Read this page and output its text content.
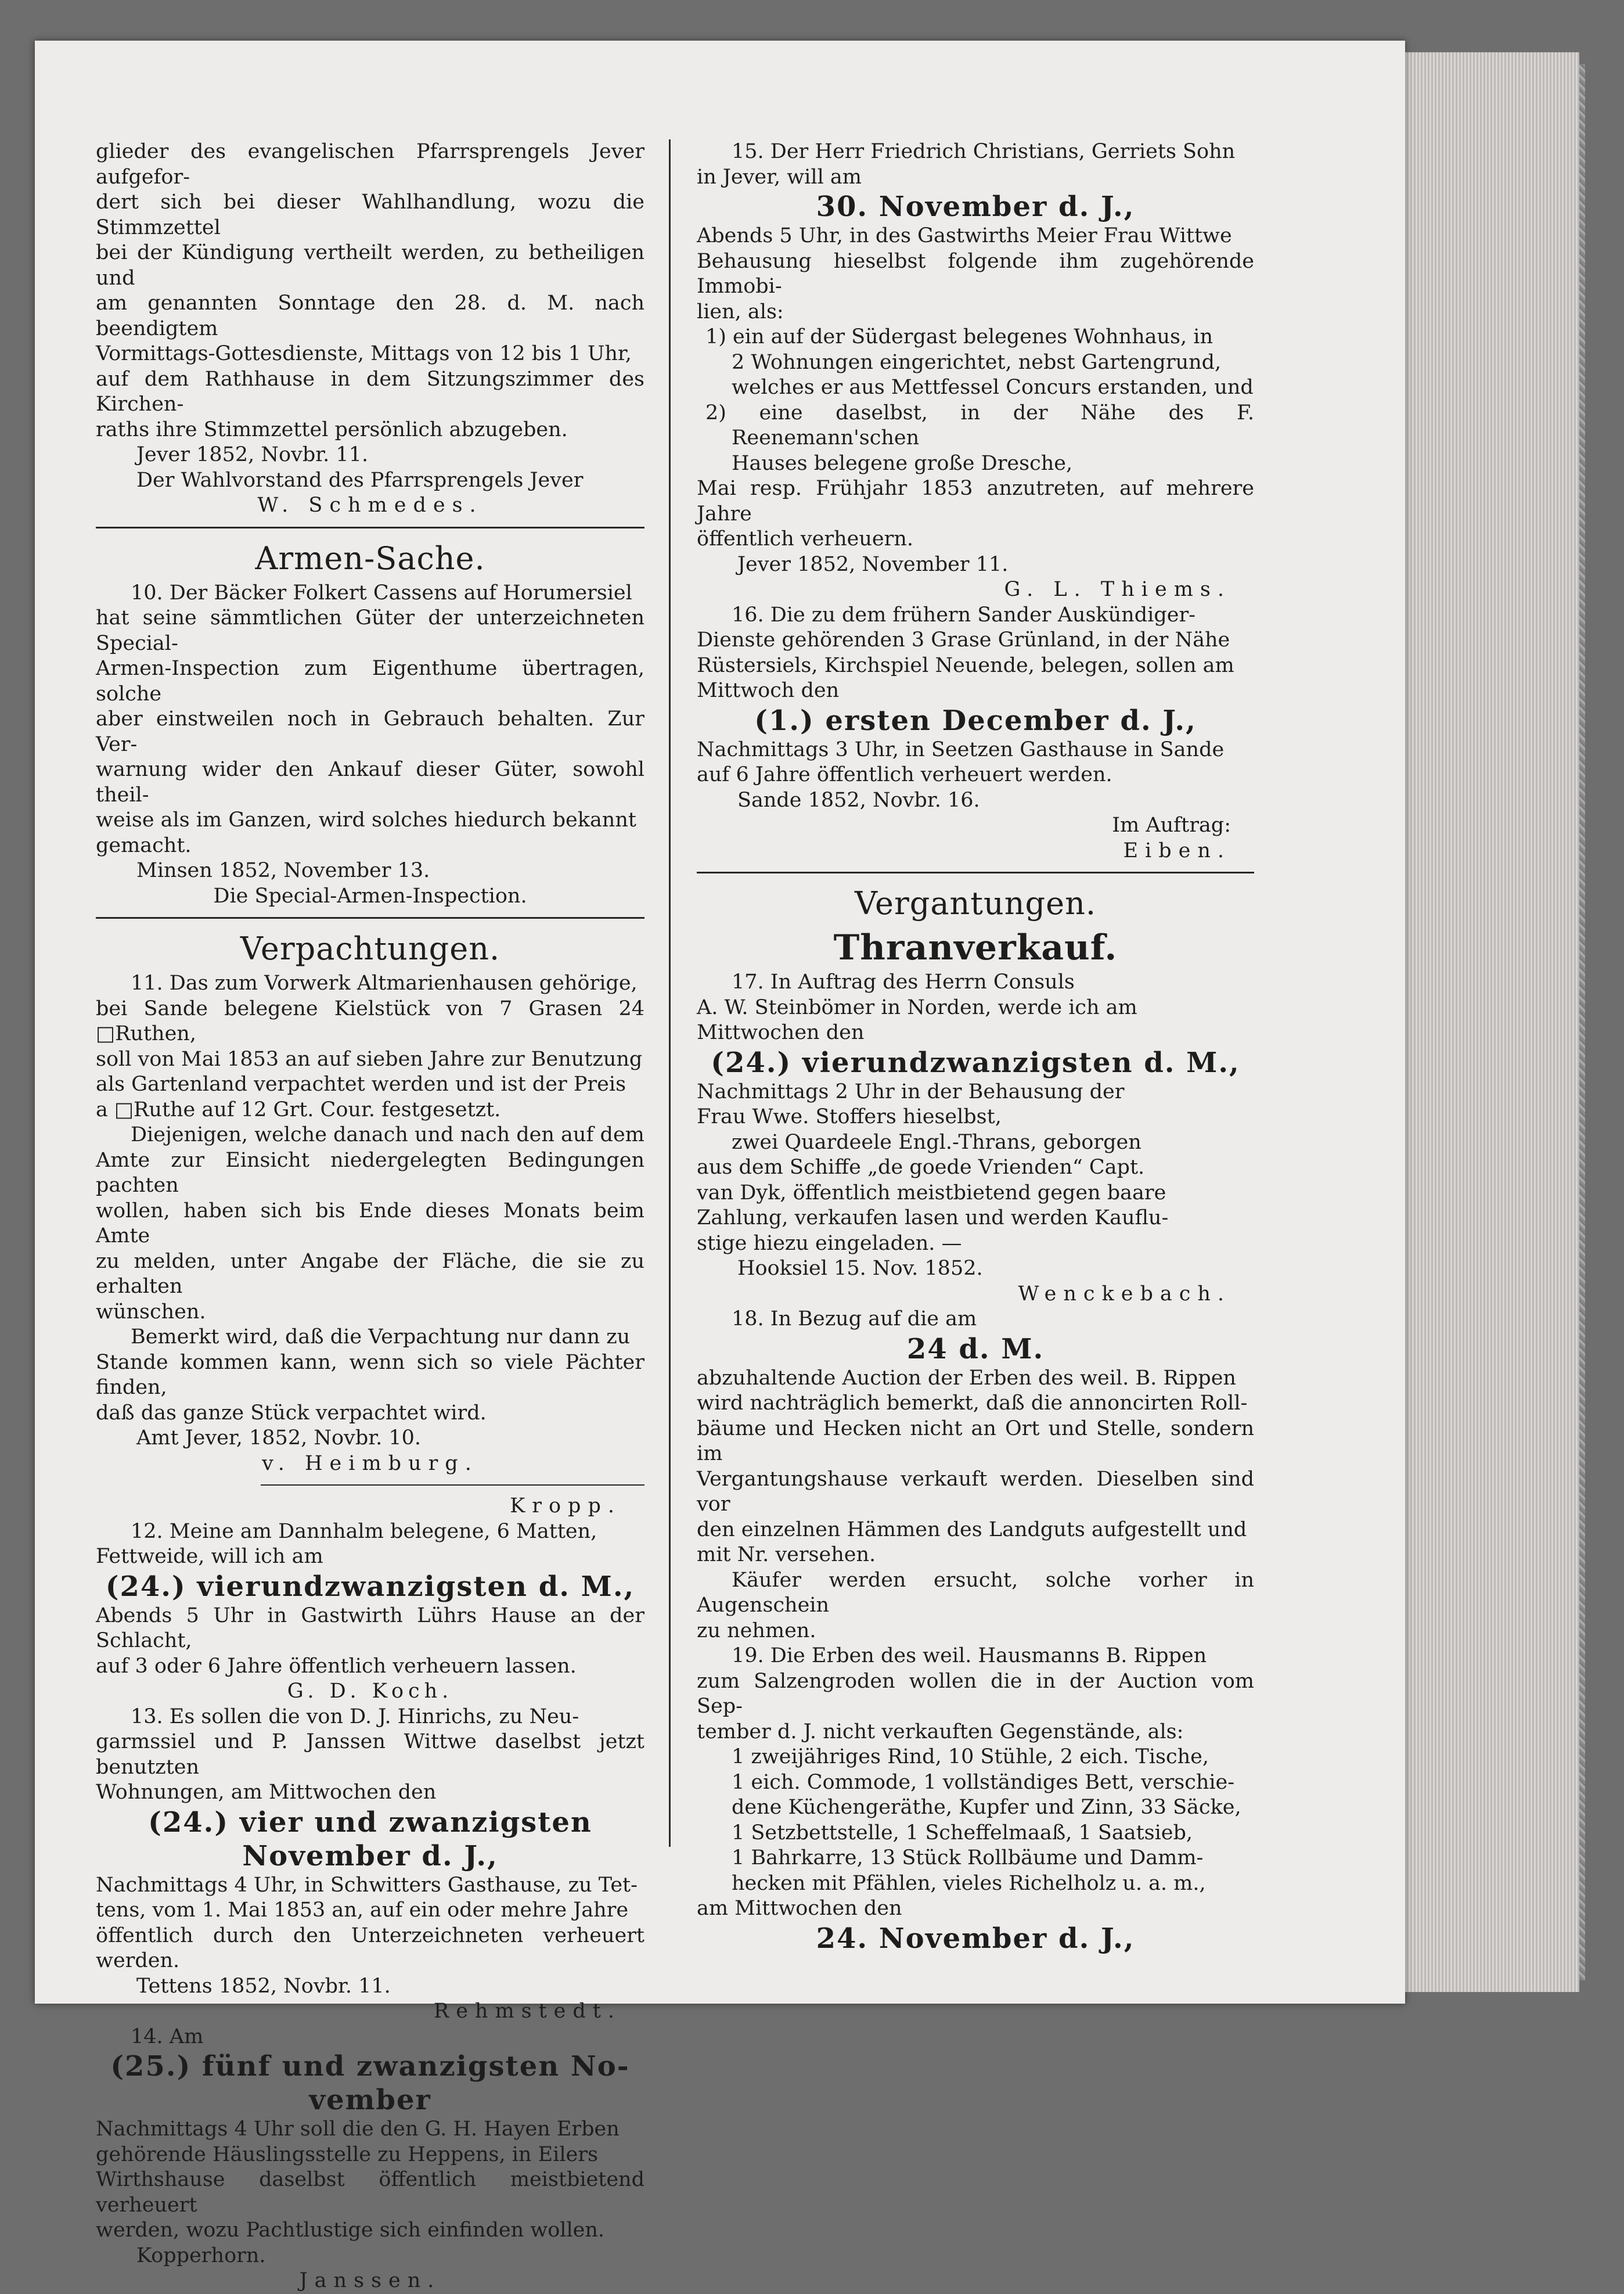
glieder des evangelischen Pfarrsprengels Jever aufgefor-

dert sich bei dieser Wahlhandlung, wozu die Stimmzettel

bei der Kündigung vertheilt werden, zu betheiligen und

am genannten Sonntage den 28. d. M. nach beendigtem

Vormittags-Gottesdienste, Mittags von 12 bis 1 Uhr,

auf dem Rathhause in dem Sitzungszimmer des Kirchen-

raths ihre Stimmzettel persönlich abzugeben.

Jever 1852, Novbr. 11.

Der Wahlvorstand des Pfarrsprengels Jever

W. Schmedes.

Armen-Sache.

10. Der Bäcker Folkert Cassens auf Horumersiel

hat seine sämmtlichen Güter der unterzeichneten Special-

Armen-Inspection zum Eigenthume übertragen, solche

aber einstweilen noch in Gebrauch behalten. Zur Ver-

warnung wider den Ankauf dieser Güter, sowohl theil-

weise als im Ganzen, wird solches hiedurch bekannt

gemacht.

Minsen 1852, November 13.

Die Special-Armen-Inspection.

Verpachtungen.

11. Das zum Vorwerk Altmarienhausen gehörige,

bei Sande belegene Kielstück von 7 Grasen 24 □Ruthen,

soll von Mai 1853 an auf sieben Jahre zur Benutzung

als Gartenland verpachtet werden und ist der Preis

a □Ruthe auf 12 Grt. Cour. festgesetzt.

Diejenigen, welche danach und nach den auf dem

Amte zur Einsicht niedergelegten Bedingungen pachten

wollen, haben sich bis Ende dieses Monats beim Amte

zu melden, unter Angabe der Fläche, die sie zu erhalten

wünschen.

Bemerkt wird, daß die Verpachtung nur dann zu

Stande kommen kann, wenn sich so viele Pächter finden,

daß das ganze Stück verpachtet wird.

Amt Jever, 1852, Novbr. 10.

v. Heimburg.

Kropp.

12. Meine am Dannhalm belegene, 6 Matten,

Fettweide, will ich am

(24.) vierundzwanzigsten d. M.,

Abends 5 Uhr in Gastwirth Lührs Hause an der Schlacht,

auf 3 oder 6 Jahre öffentlich verheuern lassen.

G. D. Koch.

13. Es sollen die von D. J. Hinrichs, zu Neu-

garmssiel und P. Janssen Wittwe daselbst jetzt benutzten

Wohnungen, am Mittwochen den

(24.) vier und zwanzigsten

November d. J.,

Nachmittags 4 Uhr, in Schwitters Gasthause, zu Tet-

tens, vom 1. Mai 1853 an, auf ein oder mehre Jahre

öffentlich durch den Unterzeichneten verheuert werden.

Tettens 1852, Novbr. 11.

Rehmstedt.

14. Am

(25.) fünf und zwanzigsten No-

vember

Nachmittags 4 Uhr soll die den G. H. Hayen Erben

gehörende Häuslingsstelle zu Heppens, in Eilers

Wirthshause daselbst öffentlich meistbietend verheuert

werden, wozu Pachtlustige sich einfinden wollen.

Kopperhorn.

Janssen.

15. Der Herr Friedrich Christians, Gerriets Sohn

in Jever, will am

30. November d. J.,

Abends 5 Uhr, in des Gastwirths Meier Frau Wittwe

Behausung hieselbst folgende ihm zugehörende Immobi-

lien, als:

1) ein auf der Südergast belegenes Wohnhaus, in

2 Wohnungen eingerichtet, nebst Gartengrund,

welches er aus Mettfessel Concurs erstanden, und

2) eine daselbst, in der Nähe des F. Reenemann'schen

Hauses belegene große Dresche,

Mai resp. Frühjahr 1853 anzutreten, auf mehrere Jahre

öffentlich verheuern.

Jever 1852, November 11.

G. L. Thiems.

16. Die zu dem frühern Sander Auskündiger-

Dienste gehörenden 3 Grase Grünland, in der Nähe

Rüstersiels, Kirchspiel Neuende, belegen, sollen am

Mittwoch den

(1.) ersten December d. J.,

Nachmittags 3 Uhr, in Seetzen Gasthause in Sande

auf 6 Jahre öffentlich verheuert werden.

Sande 1852, Novbr. 16.

Im Auftrag:

Eiben.

Vergantungen.

Thranverkauf.

17. In Auftrag des Herrn Consuls

A. W. Steinbömer in Norden, werde ich am

Mittwochen den

(24.) vierundzwanzigsten d. M.,

Nachmittags 2 Uhr in der Behausung der

Frau Wwe. Stoffers hieselbst,

zwei Quardeele Engl.-Thrans, geborgen

aus dem Schiffe „de goede Vrienden“ Capt.

van Dyk, öffentlich meistbietend gegen baare

Zahlung, verkaufen lasen und werden Kauflu-

stige hiezu eingeladen. —

Hooksiel 15. Nov. 1852.

Wenckebach.

18. In Bezug auf die am

24 d. M.

abzuhaltende Auction der Erben des weil. B. Rippen

wird nachträglich bemerkt, daß die annoncirten Roll-

bäume und Hecken nicht an Ort und Stelle, sondern im

Vergantungshause verkauft werden. Dieselben sind vor

den einzelnen Hämmen des Landguts aufgestellt und

mit Nr. versehen.

Käufer werden ersucht, solche vorher in Augenschein

zu nehmen.

19. Die Erben des weil. Hausmanns B. Rippen

zum Salzengroden wollen die in der Auction vom Sep-

tember d. J. nicht verkauften Gegenstände, als:

1 zweijähriges Rind, 10 Stühle, 2 eich. Tische,

1 eich. Commode, 1 vollständiges Bett, verschie-

dene Küchengeräthe, Kupfer und Zinn, 33 Säcke,

1 Setzbettstelle, 1 Scheffelmaaß, 1 Saatsieb,

1 Bahrkarre, 13 Stück Rollbäume und Damm-

hecken mit Pfählen, vieles Richelholz u. a. m.,

am Mittwochen den

24. November d. J.,
